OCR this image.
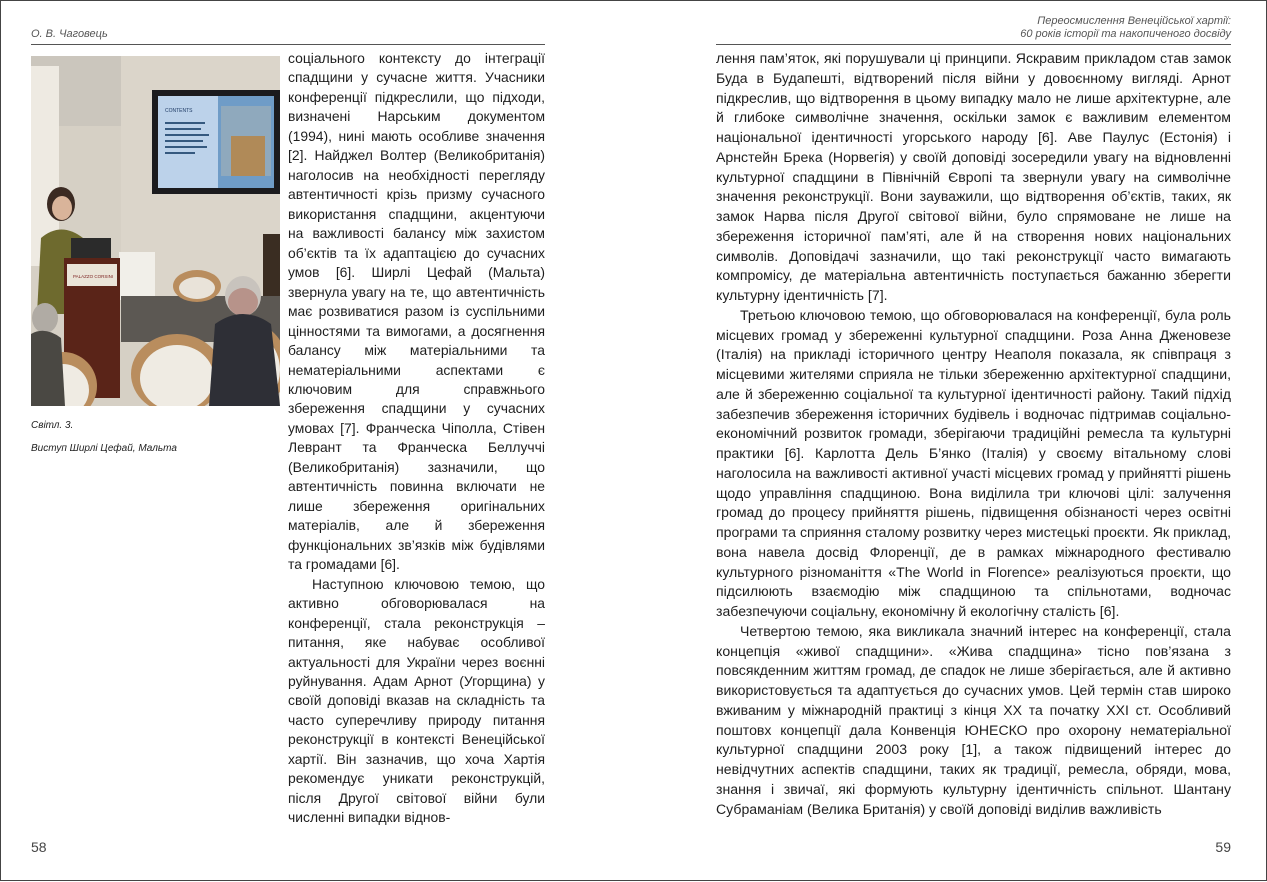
О. В. Чаговець
CONTENTS
PALAZZO CORSINI
Світл. 3.
Виступ Ширлі Цефай, Мальта

соціального контексту до інтеграції спадщини у сучасне життя. Учасники конференції підкреслили, що підходи, визначені Нарським документом (1994), нині мають особливе значення [2]. Найджел Волтер (Великобританія) наголосив на необхідності перегляду автентичності крізь призму сучасного використання спадщини, акцентуючи на важливості балансу між захистом об’єктів та їх адаптацією до сучасних умов [6]. Ширлі Цефай (Мальта) звернула увагу на те, що автентичність має розвиватися разом із суспільними цінностями та вимогами, а досягнення балансу між матеріальними та нематеріальними аспектами є ключовим для справжнього збереження спадщини у сучасних умовах [7]. Франческа Чіполла, Стівен Леврант та Франческа Беллуччі (Великобританія) зазначили, що автентичність повинна включати не лише збереження оригінальних матеріалів, але й збереження функціональних зв’язків між будівлями та громадами [6].

Наступною ключовою темою, що активно обговорювалася на конференції, стала реконструкція – питання, яке набуває особливої актуальності для України через воєнні руйнування. Адам Арнот (Угорщина) у своїй доповіді вказав на складність та часто суперечливу природу питання реконструкції в контексті Венеційської хартії. Він зазначив, що хоча Хартія рекомендує уникати реконструкцій, після Другої світової війни були численні випадки віднов-

58
Переосмислення Венеційської хартії:
60 років історії та накопиченого досвіду

лення пам’яток, які порушували ці принципи. Яскравим прикладом став замок Буда в Будапешті, відтворений після війни у довоєнному вигляді. Арнот підкреслив, що відтворення в цьому випадку мало не лише архітектурне, але й глибоке символічне значення, оскільки замок є важливим елементом національної ідентичності угорського народу [6]. Аве Паулус (Естонія) і Арнстейн Брека (Норвегія) у своїй доповіді зосередили увагу на відновленні культурної спадщини в Північній Європі та звернули увагу на символічне значення реконструкції. Вони зауважили, що відтворення об’єктів, таких, як замок Нарва після Другої світової війни, було спрямоване не лише на збереження історичної пам’яті, але й на створення нових національних символів. Доповідачі зазначили, що такі реконструкції часто вимагають компромісу, де матеріальна автентичність поступається бажанню зберегти культурну ідентичність [7].

Третьою ключовою темою, що обговорювалася на конференції, була роль місцевих громад у збереженні культурної спадщини. Роза Анна Дженовезе (Італія) на прикладі історичного центру Неаполя показала, як співпраця з місцевими жителями сприяла не тільки збереженню архітектурної спадщини, але й збереженню соціальної та культурної ідентичності району. Такий підхід забезпечив збереження історичних будівель і водночас підтримав соціально-економічний розвиток громади, зберігаючи традиційні ремесла та культурні практики [6]. Карлотта Дель Б’янко (Італія) у своєму вітальному слові наголосила на важливості активної участі місцевих громад у прийнятті рішень щодо управління спадщиною. Вона виділила три ключові цілі: залучення громад до процесу прийняття рішень, підвищення обізнаності через освітні програми та сприяння сталому розвитку через мистецькі проєкти. Як приклад, вона навела досвід Флоренції, де в рамках міжнародного фестивалю культурного різноманіття «The World in Florence» реалізуються проєкти, що підсилюють взаємодію між спадщиною та спільнотами, водночас забезпечуючи соціальну, економічну й екологічну сталість [6].

Четвертою темою, яка викликала значний інтерес на конференції, стала концепція «живої спадщини». «Жива спадщина» тісно пов’язана з повсякденним життям громад, де спадок не лише зберігається, але й активно використовується та адаптується до сучасних умов. Цей термін став широко вживаним у міжнародній практиці з кінця ХХ та початку ХХІ ст. Особливий поштовх концепції дала Конвенція ЮНЕСКО про охорону нематеріальної культурної спадщини 2003 року [1], а також підвищений інтерес до невідчутних аспектів спадщини, таких як традиції, ремесла, обряди, мова, знання і звичаї, які формують культурну ідентичність спільнот. Шантану Субраманіам (Велика Британія) у своїй доповіді виділив важливість

59
